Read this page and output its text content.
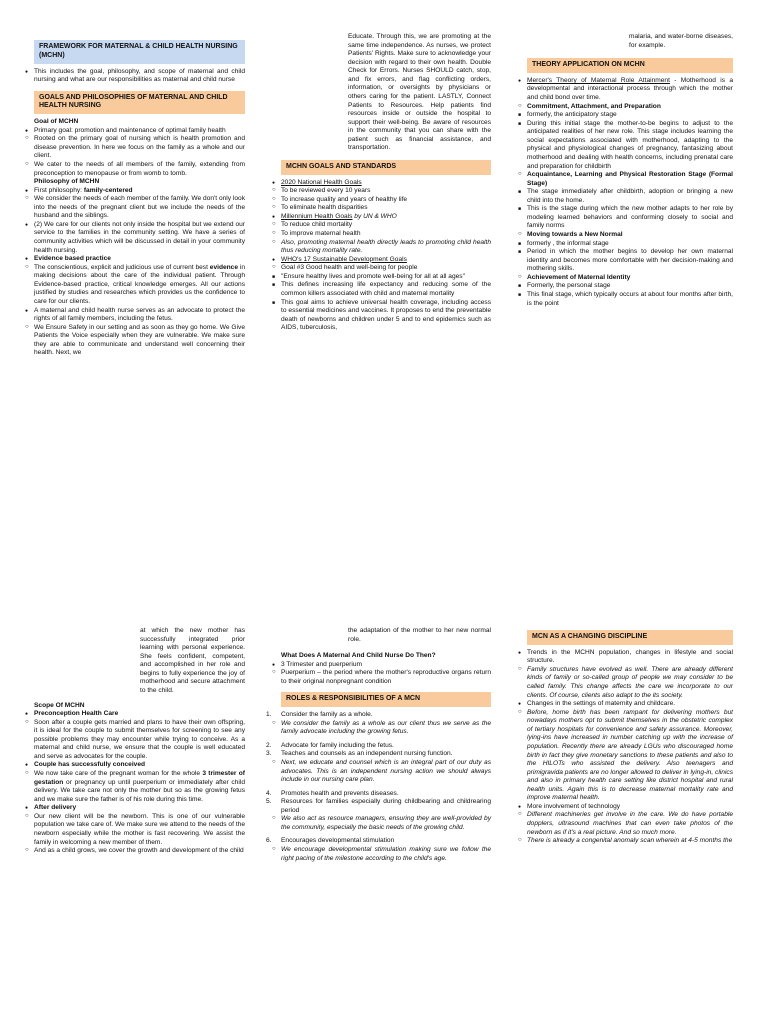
FRAMEWORK FOR MATERNAL & CHILD HEALTH NURSING (MCHN)

● This includes the goal, philosophy, and scope of maternal and child nursing and what are our responsibilities as maternal and child nurse

GOALS AND PHILOSOPHIES OF MATERNAL AND CHILD HEALTH NURSING

Goal of MCHN

● Primary goal: promotion and maintenance of optimal family health

○ Rooted on the primary goal of nursing which is health promotion and disease prevention. In here we focus on the family as a whole and our client.

○ We cater to the needs of all members of the family, extending from preconception to menopause or from womb to tomb.

Philosophy of MCHN

● First philosophy: family-centered

○ We consider the needs of each member of the family. We don't only look into the needs of the pregnant client but we include the needs of the husband and the siblings.

● (2) We care for our clients not only inside the hospital but we extend our service to the families in the community setting. We have a series of community activities which will be discussed in detail in your community health nursing.

● Evidence based practice

○ The conscientious, explicit and judicious use of current best evidence in making decisions about the care of the individual patient. Through Evidence-based practice, critical knowledge emerges. All our actions justified by studies and researches which provides us the confidence to care for our clients.

● A maternal and child health nurse serves as an advocate to protect the rights of all family members, including the fetus.

○ We Ensure Safety in our setting and as soon as they go home. We Give Patients the Voice especially when they are vulnerable. We make sure they are able to communicate and understand well concerning their health. Next, we

Educate. Through this, we are promoting at the same time independence. As nurses, we protect Patients' Rights. Make sure to acknowledge your decision with regard to their own health. Double Check for Errors. Nurses SHOULD catch, stop, and fix errors, and flag conflicting orders, information, or oversights by physicians or others caring for the patient. LASTLY, Connect Patients to Resources. Help patients find resources inside or outside the hospital to support their well-being. Be aware of resources in the community that you can share with the patient such as financial assistance, and transportation.

MCHN GOALS AND STANDARDS

● 2020 National Health Goals

○ To be reviewed every 10 years

○ To increase quality and years of healthy life

○ To eliminate health disparities

● Millennium Health Goals by UN & WHO

○ To reduce child mortality

○ To improve maternal health

○ Also, promoting maternal health directly leads to promoting child health thus reducing mortality rate.

● WHO's 17 Sustainable Development Goals

○ Goal #3 Good health and well-being for people

■ "Ensure healthy lives and promote well-being for all at all ages"

■ This defines increasing life expectancy and reducing some of the common killers associated with child and maternal mortality

■ This goal aims to achieve universal health coverage, including access to essential medicines and vaccines. It proposes to end the preventable death of newborns and children under 5 and to end epidemics such as AIDS, tuberculosis,

malaria, and water-borne diseases, for example.

THEORY APPLICATION ON MCHN

● Mercer's Theory of Maternal Role Attainment - Motherhood is a developmental and interactional process through which the mother and child bond over time.

○ Commitment, Attachment, and Preparation

■ formerly, the anticipatory stage

■ During this initial stage the mother-to-be begins to adjust to the anticipated realities of her new role. This stage includes learning the social expectations associated with motherhood, adapting to the physical and physiological changes of pregnancy, fantasizing about motherhood and dealing with health concerns, including prenatal care and preparation for childbirth

○ Acquaintance, Learning and Physical Restoration Stage (Formal Stage)

■ The stage immediately after childbirth, adoption or bringing a new child into the home.

■ This is the stage during which the new mother adapts to her role by modeling learned behaviors and conforming closely to social and family norms

○ Moving towards a New Normal

■ formerly , the informal stage

■ Period in which the mother begins to develop her own maternal identity and becomes more comfortable with her decision-making and mothering skills.

○ Achievement of Maternal Identity

■ Formerly, the personal stage

■ This final stage, which typically occurs at about four months after birth, is the point

at which the new mother has successfully integrated prior learning with personal experience. She feels confident, competent, and accomplished in her role and begins to fully experience the joy of motherhood and secure attachment to the child.

Scope Of MCHN

● Preconception Health Care

○ Soon after a couple gets married and plans to have their own offspring, it is ideal for the couple to submit themselves for screening to see any possible problems they may encounter while trying to conceive. As a maternal and child nurse, we ensure that the couple is well educated and serve as advocates for the couple.

● Couple has successfully conceived

○ We now take care of the pregnant woman for the whole 3 trimester of gestation or pregnancy up until puerperium or immediately after child delivery. We take care not only the mother but so as the growing fetus and we make sure the father is of his role during this time.

● After delivery

○ Our new client will be the newborn. This is one of our vulnerable population we take care of. We make sure we attend to the needs of the newborn especially while the mother is fast recovering. We assist the family in welcoming a new member of them.

○ And as a child grows, we cover the growth and development of the child

the adaptation of the mother to her new normal role.

What Does A Maternal And Child Nurse Do Then?

● 3 Trimester and puerperium

○ Puerperium – the period where the mother's reproductive organs return to their original nonpregnant condition

ROLES & RESPONSIBILITIES OF A MCN

1. Consider the family as a whole.

○ We consider the family as a whole as our client thus we serve as the family advocate including the growing fetus.

2. Advocate for family including the fetus.

3. Teaches and counsels as an independent nursing function.

○ Next, we educate and counsel which is an integral part of our duty as advocates. This is an independent nursing action we should always include in our nursing care plan.

4. Promotes health and prevents diseases.

5. Resources for families especially during childbearing and childrearing period

○ We also act as resource managers, ensuring they are well-provided by the community, especially the basic needs of the growing child.

6. Encourages developmental stimulation

○ We encourage developmental stimulation making sure we follow the right pacing of the milestone according to the child's age.

MCN AS A CHANGING DISCIPLINE

● Trends in the MCHN population, changes in lifestyle and social structure.

○ Family structures have evolved as well. There are already different kinds of family or so-called group of people we may consider to be called family. This change affects the care we incorporate to our clients. Of course, clients also adapt to the its society.

● Changes in the settings of maternity and childcare.

○ Before, home birth has been rampant for delivering mothers but nowadays mothers opt to submit themselves in the obstetric complex of tertiary hospitals for convenience and safety assurance. Moreover, lying-ins have increased in number catching up with the increase of population. Recently there are already LGUs who discouraged home birth in fact they give monetary sanctions to these patients and also to the HILOTs who assisted the delivery. Also teenagers and primigravida patients are no longer allowed to deliver in lying-in, clinics and also in primary health care setting like district hospital and rural health units. Again this is to decrease maternal mortality rate and improve maternal health.

● More involvement of technology

○ Different machineries get involve in the care. We do have portable dopplers, ultrasound machines that can even take photos of the newborn as if it's a real picture. And so much more.

○ There is already a congenital anomaly scan wherein at 4-5 months the
